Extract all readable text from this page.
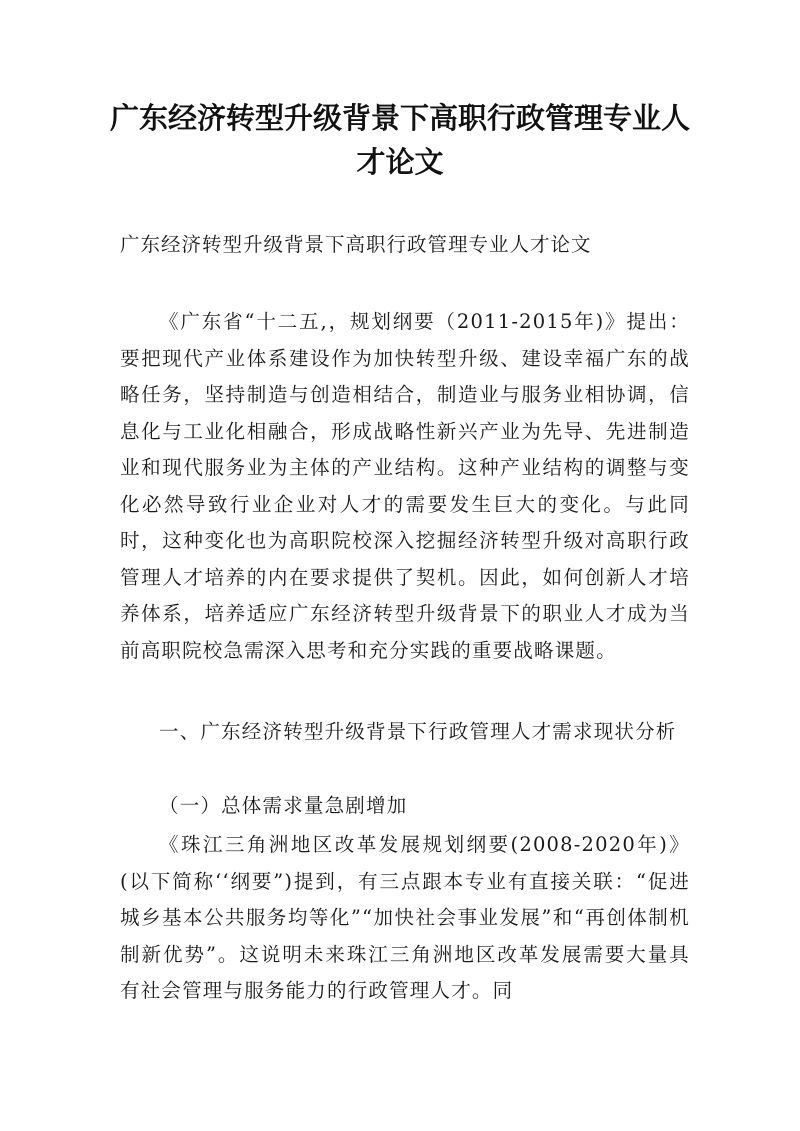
广东经济转型升级背景下高职行政管理专业人才论文
广东经济转型升级背景下高职行政管理专业人才论文
《广东省“十二五,，规划纲要（2011-2015年)》提出：要把现代产业体系建设作为加快转型升级、建设幸福广东的战略任务，坚持制造与创造相结合，制造业与服务业相协调，信息化与工业化相融合，形成战略性新兴产业为先导、先进制造业和现代服务业为主体的产业结构。这种产业结构的调整与变化必然导致行业企业对人才的需要发生巨大的变化。与此同时，这种变化也为高职院校深入挖掘经济转型升级对高职行政管理人才培养的内在要求提供了契机。因此，如何创新人才培养体系，培养适应广东经济转型升级背景下的职业人才成为当前高职院校急需深入思考和充分实践的重要战略课题。
一、广东经济转型升级背景下行政管理人才需求现状分析
（一）总体需求量急剧增加
《珠江三角洲地区改革发展规划纲要(2008-2020年)》(以下简称‘‘纲要”)提到，有三点跟本专业有直接关联：“促进城乡基本公共服务均等化”“加快社会事业发展”和“再创体制机制新优势”。这说明未来珠江三角洲地区改革发展需要大量具有社会管理与服务能力的行政管理人才。同
